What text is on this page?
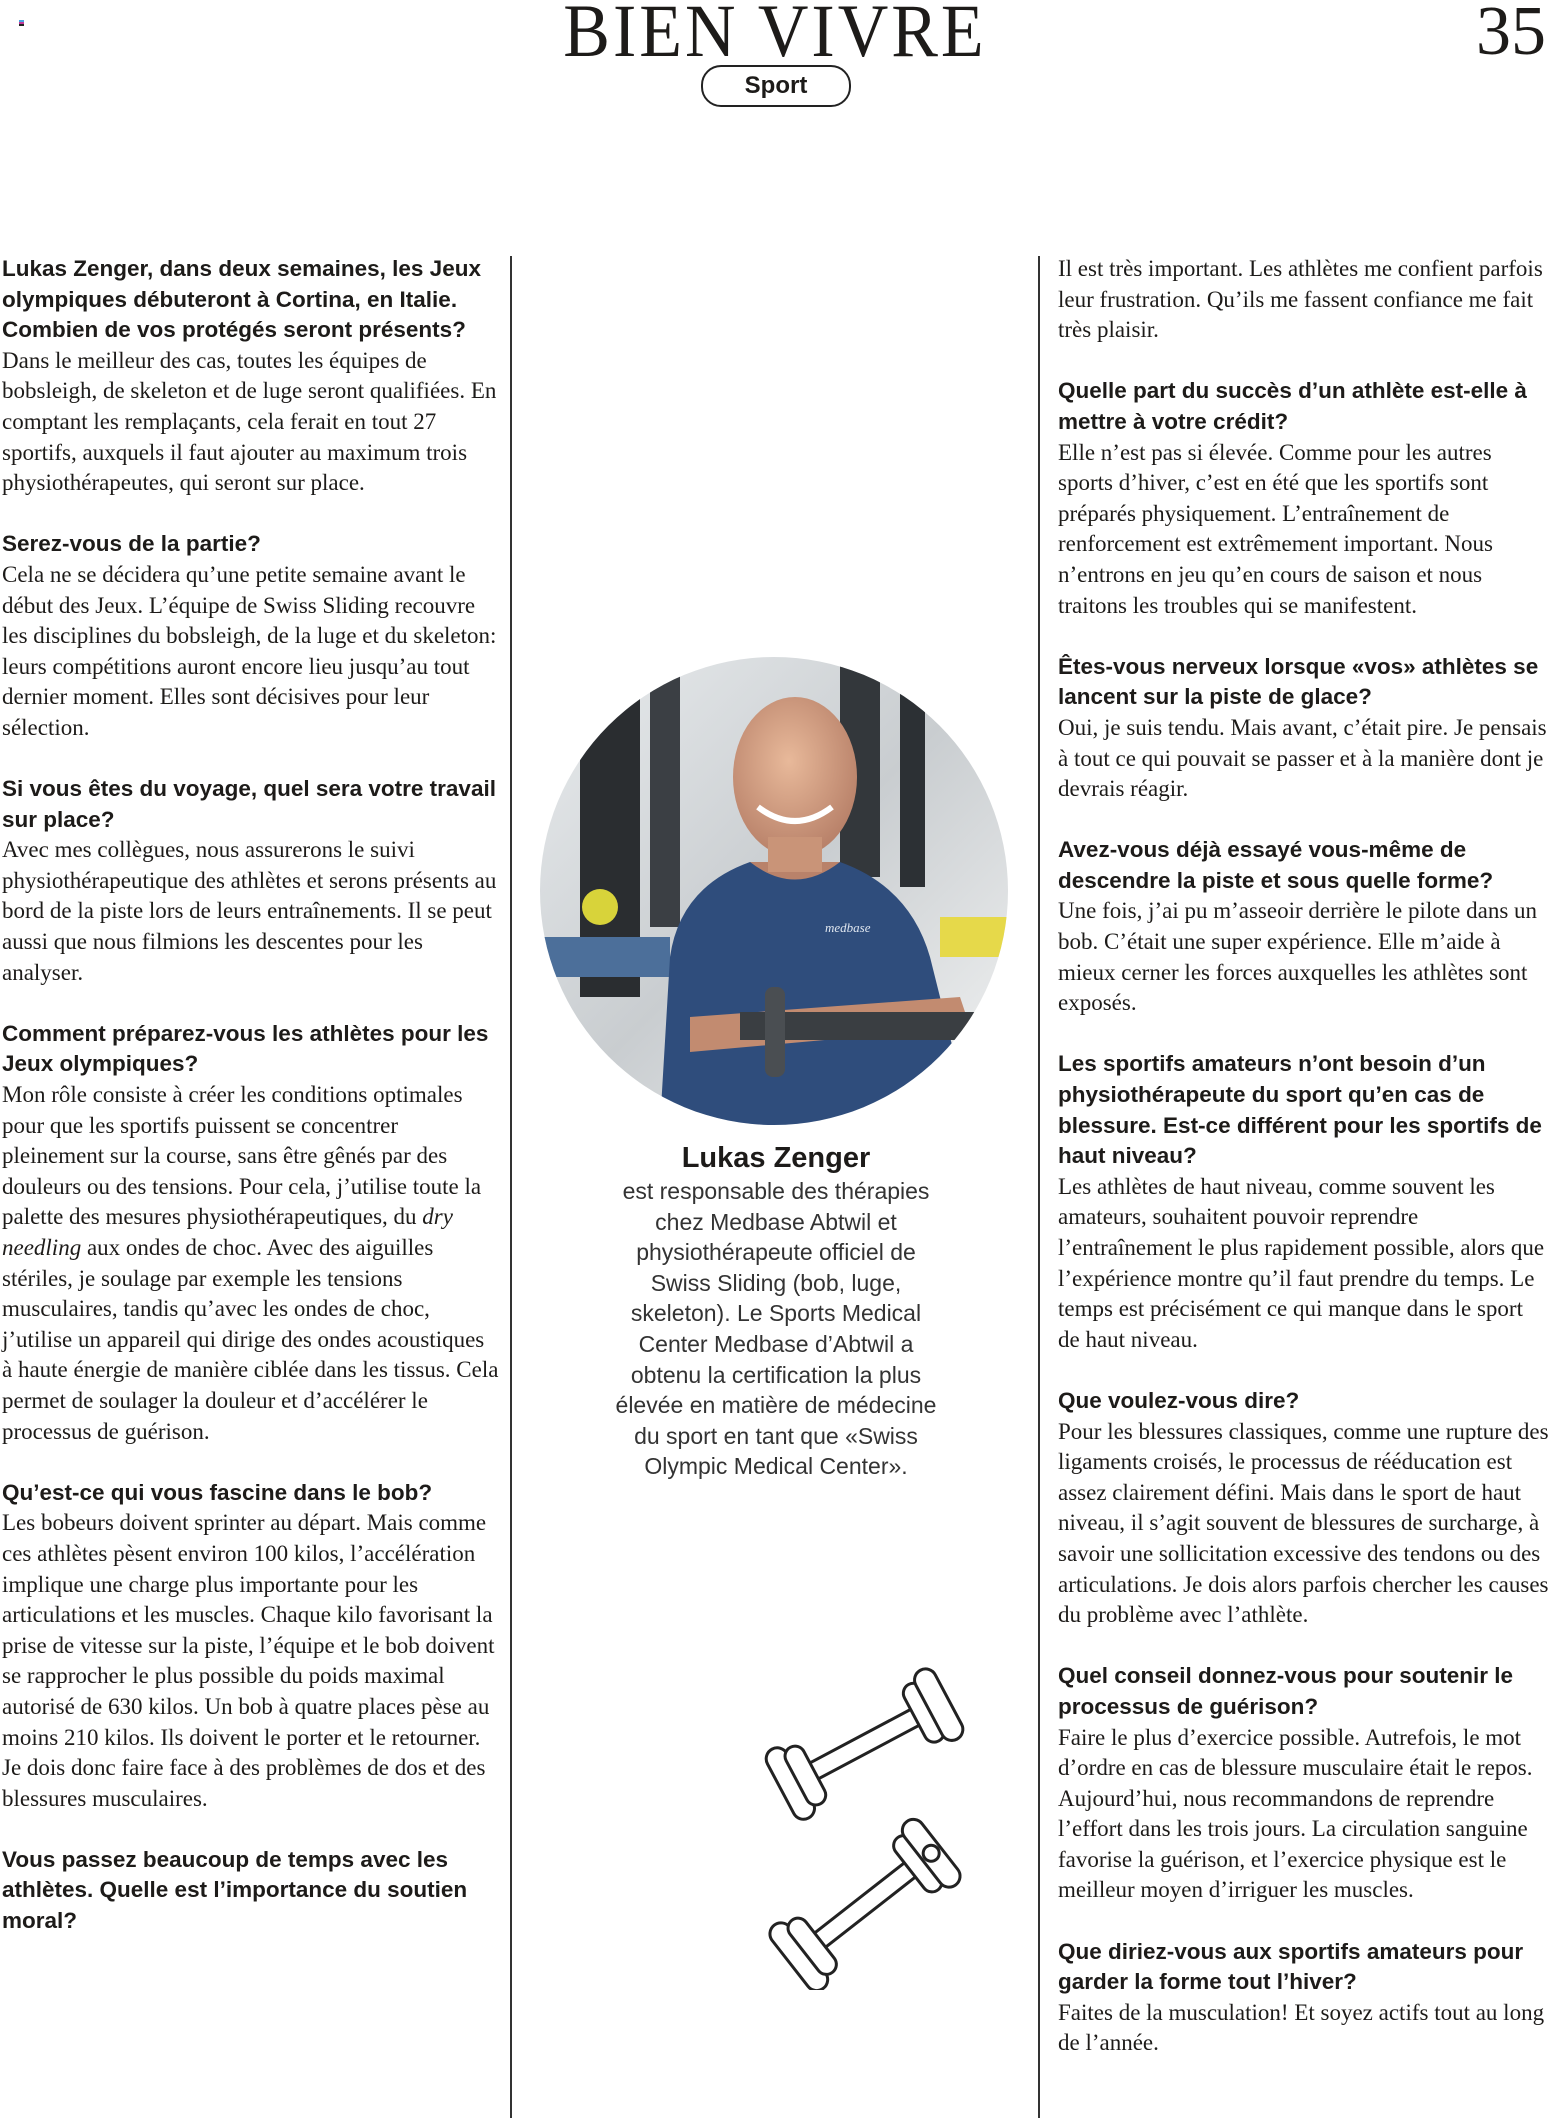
BIEN VIVRE	35
Sport
Lukas Zenger, dans deux semaines, les Jeux olympiques débuteront à Cortina, en Italie. Combien de vos protégés seront présents?
Dans le meilleur des cas, toutes les équipes de bobsleigh, de skeleton et de luge seront qualifiées. En comptant les remplaçants, cela ferait en tout 27 sportifs, auxquels il faut ajouter au maximum trois physiothérapeutes, qui seront sur place.
Serez-vous de la partie?
Cela ne se décidera qu’une petite semaine avant le début des Jeux. L’équipe de Swiss Sliding recouvre les disciplines du bobsleigh, de la luge et du skeleton: leurs compétitions auront encore lieu jusqu’au tout dernier moment. Elles sont décisives pour leur sélection.
Si vous êtes du voyage, quel sera votre travail sur place?
Avec mes collègues, nous assurerons le suivi physiothérapeutique des athlètes et serons présents au bord de la piste lors de leurs entraînements. Il se peut aussi que nous filmions les descentes pour les analyser.
Comment préparez-vous les athlètes pour les Jeux olympiques?
Mon rôle consiste à créer les conditions optimales pour que les sportifs puissent se concentrer pleinement sur la course, sans être gênés par des douleurs ou des tensions. Pour cela, j’utilise toute la palette des mesures physiothérapeutiques, du dry needling aux ondes de choc. Avec des aiguilles stériles, je soulage par exemple les tensions musculaires, tandis qu’avec les ondes de choc, j’utilise un appareil qui dirige des ondes acoustiques à haute énergie de manière ciblée dans les tissus. Cela permet de soulager la douleur et d’accélérer le processus de guérison.
Qu’est-ce qui vous fascine dans le bob?
Les bobeurs doivent sprinter au départ. Mais comme ces athlètes pèsent environ 100 kilos, l’accélération implique une charge plus importante pour les articulations et les muscles. Chaque kilo favorisant la prise de vitesse sur la piste, l’équipe et le bob doivent se rapprocher le plus possible du poids maximal autorisé de 630 kilos. Un bob à quatre places pèse au moins 210 kilos. Ils doivent le porter et le retourner. Je dois donc faire face à des problèmes de dos et des blessures musculaires.
Vous passez beaucoup de temps avec les athlètes. Quelle est l’importance du soutien moral?
medbase
Lukas Zenger
est responsable des thérapies chez Medbase Abtwil et physiothérapeute officiel de Swiss Sliding (bob, luge, skeleton). Le Sports Medical Center Medbase d’Abtwil a obtenu la certification la plus élevée en matière de médecine du sport en tant que «Swiss Olympic Medical Center».
Il est très important. Les athlètes me confient parfois leur frustration. Qu’ils me fassent confiance me fait très plaisir.
Quelle part du succès d’un athlète est-elle à mettre à votre crédit?
Elle n’est pas si élevée. Comme pour les autres sports d’hiver, c’est en été que les sportifs sont préparés physiquement. L’entraînement de renforcement est extrêmement important. Nous n’entrons en jeu qu’en cours de saison et nous traitons les troubles qui se manifestent.
Êtes-vous nerveux lorsque «vos» athlètes se lancent sur la piste de glace?
Oui, je suis tendu. Mais avant, c’était pire. Je pensais à tout ce qui pouvait se passer et à la manière dont je devrais réagir.
Avez-vous déjà essayé vous-même de descendre la piste et sous quelle forme?
Une fois, j’ai pu m’asseoir derrière le pilote dans un bob. C’était une super expérience. Elle m’aide à mieux cerner les forces auxquelles les athlètes sont exposés.
Les sportifs amateurs n’ont besoin d’un physiothérapeute du sport qu’en cas de blessure. Est-ce différent pour les sportifs de haut niveau?
Les athlètes de haut niveau, comme souvent les amateurs, souhaitent pouvoir reprendre l’entraînement le plus rapidement possible, alors que l’expérience montre qu’il faut prendre du temps. Le temps est précisément ce qui manque dans le sport de haut niveau.
Que voulez-vous dire?
Pour les blessures classiques, comme une rupture des ligaments croisés, le processus de rééducation est assez clairement défini. Mais dans le sport de haut niveau, il s’agit souvent de blessures de surcharge, à savoir une sollicitation excessive des tendons ou des articulations. Je dois alors parfois chercher les causes du problème avec l’athlète.
Quel conseil donnez-vous pour soutenir le processus de guérison?
Faire le plus d’exercice possible. Autrefois, le mot d’ordre en cas de blessure musculaire était le repos. Aujourd’hui, nous recommandons de reprendre l’effort dans les trois jours. La circulation sanguine favorise la guérison, et l’exercice physique est le meilleur moyen d’irriguer les muscles.
Que diriez-vous aux sportifs amateurs pour garder la forme tout l’hiver?
Faites de la musculation! Et soyez actifs tout au long de l’année.
